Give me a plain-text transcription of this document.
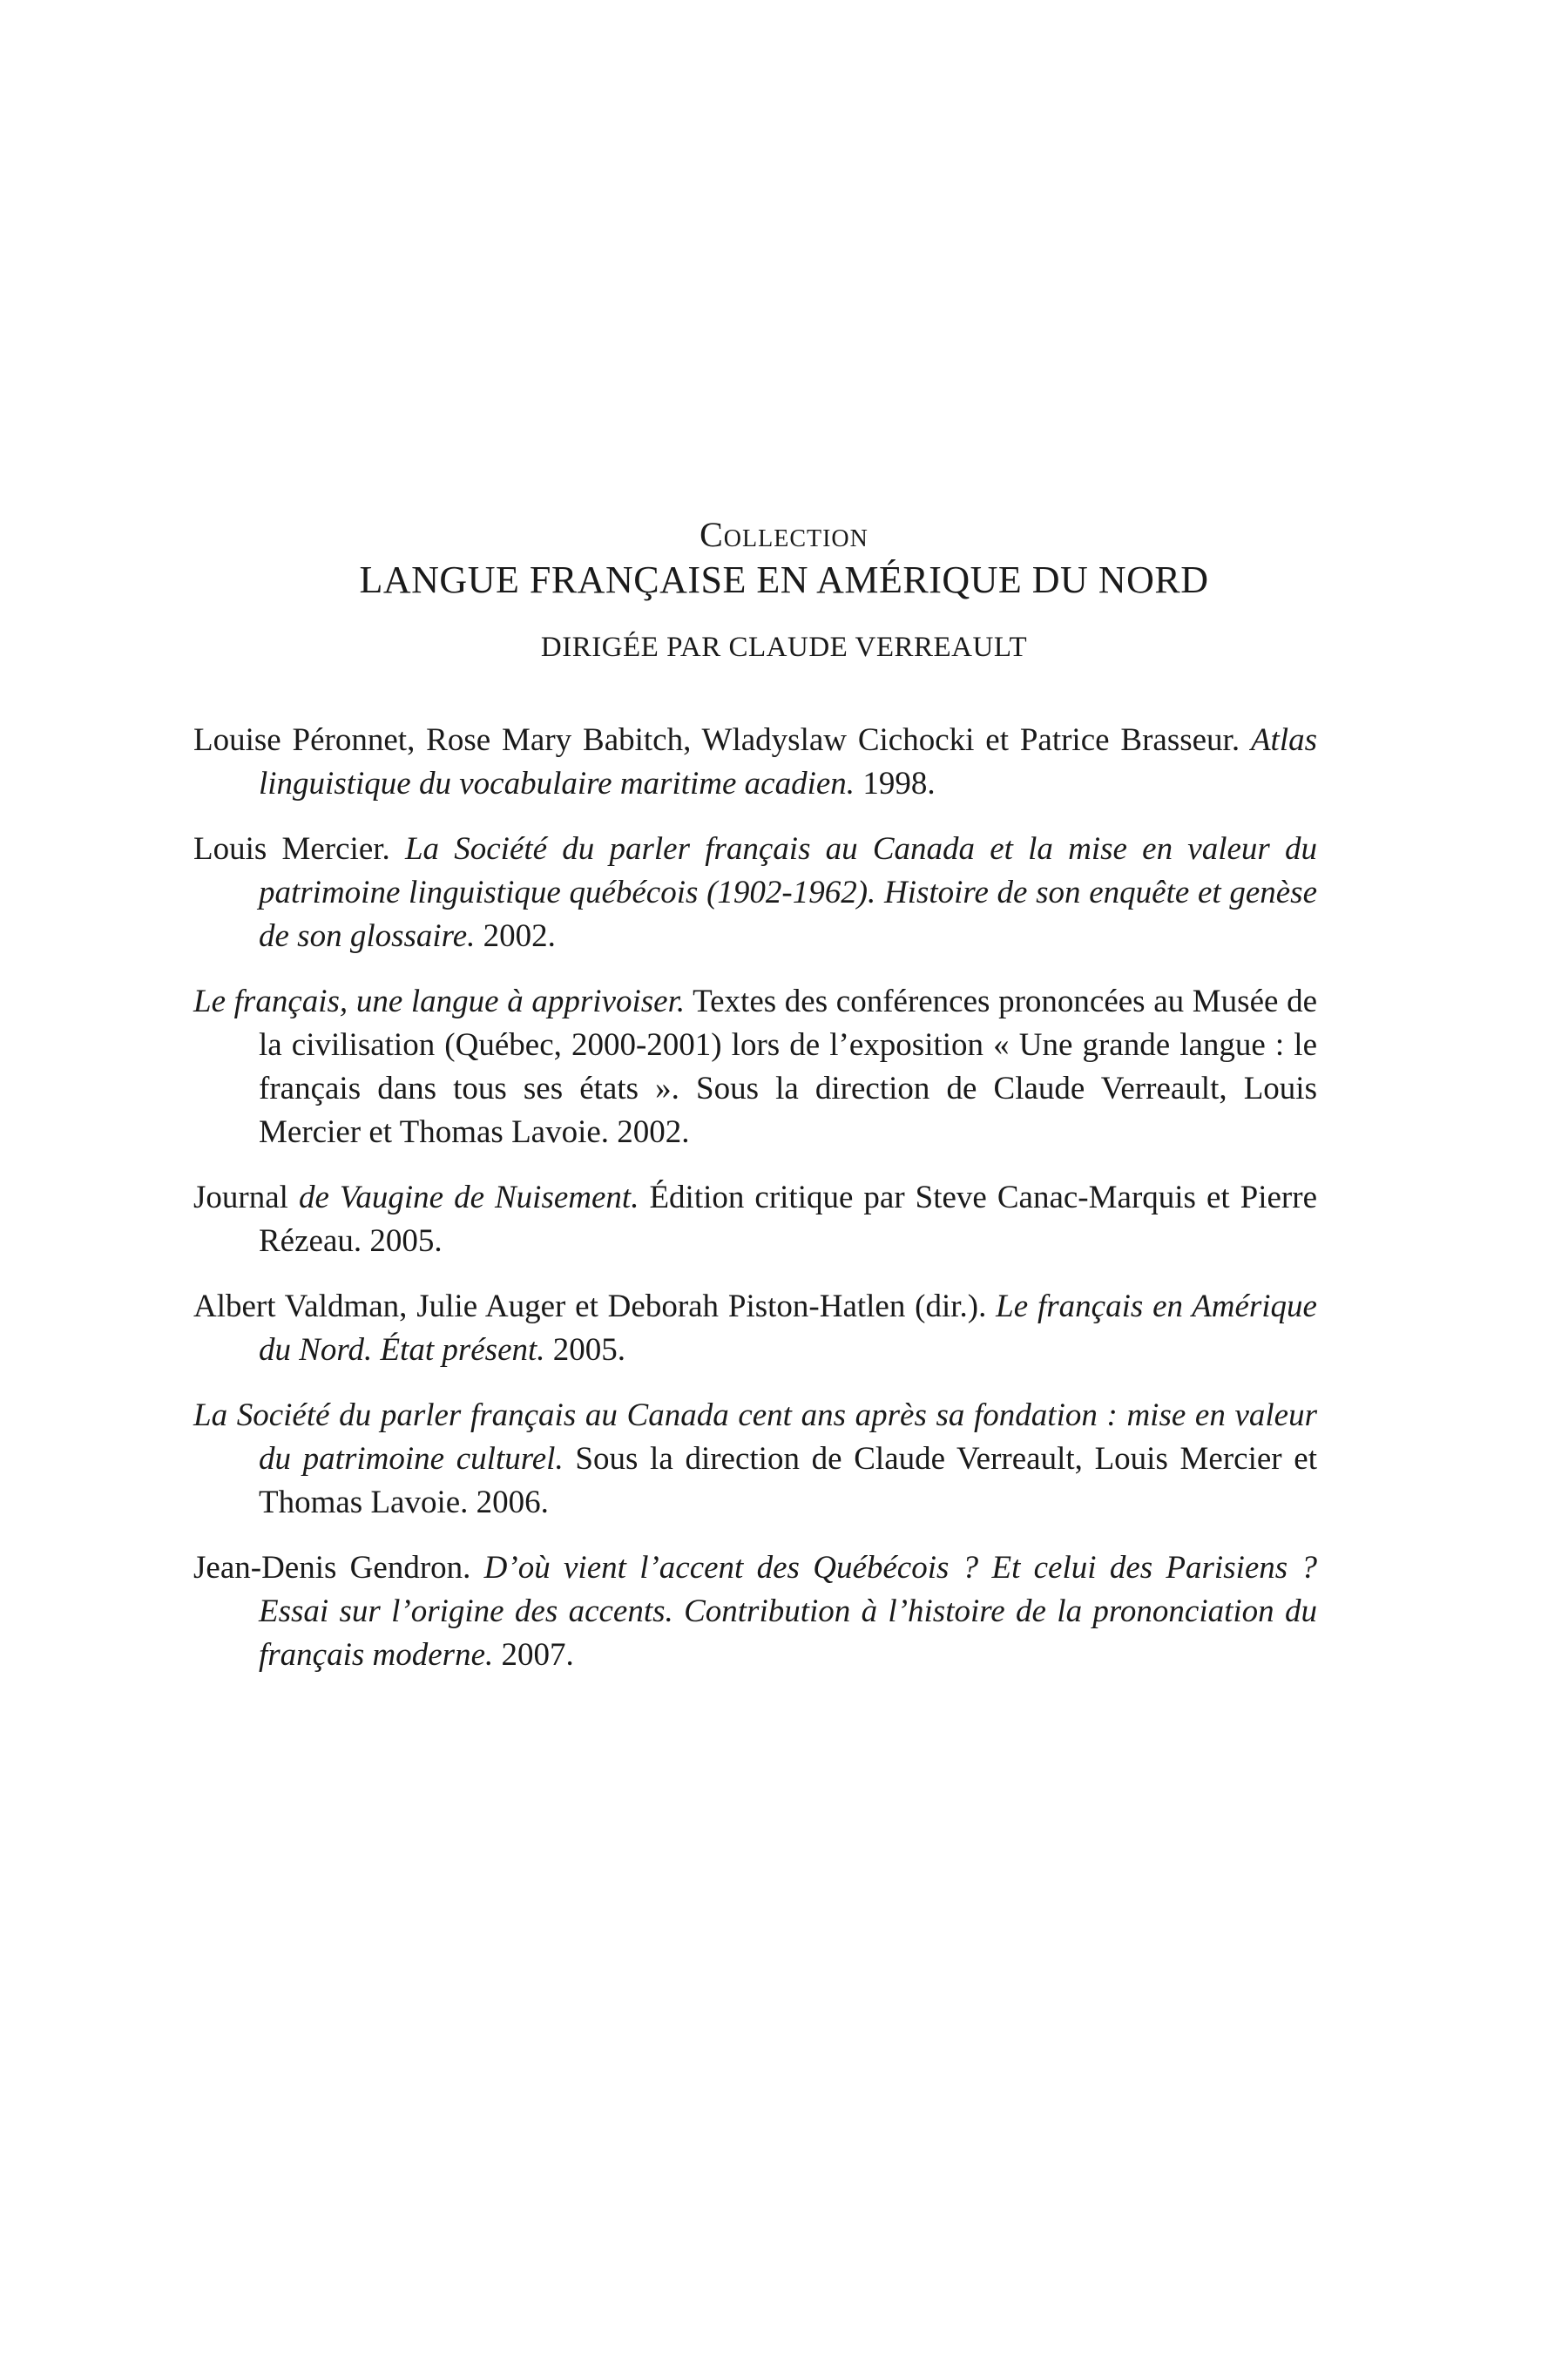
Collection
LANGUE FRANÇAISE EN AMÉRIQUE DU NORD
DIRIGÉE PAR CLAUDE VERREAULT
Louise Péronnet, Rose Mary Babitch, Wladyslaw Cichocki et Patrice Brasseur. Atlas linguistique du vocabulaire maritime acadien. 1998.
Louis Mercier. La Société du parler français au Canada et la mise en valeur du patrimoine linguistique québécois (1902-1962). Histoire de son enquête et genèse de son glossaire. 2002.
Le français, une langue à apprivoiser. Textes des conférences prononcées au Musée de la civilisation (Québec, 2000-2001) lors de l’exposition « Une grande langue : le français dans tous ses états ». Sous la direction de Claude Verreault, Louis Mercier et Thomas Lavoie. 2002.
Journal de Vaugine de Nuisement. Édition critique par Steve Canac-Marquis et Pierre Rézeau. 2005.
Albert Valdman, Julie Auger et Deborah Piston-Hatlen (dir.). Le français en Amérique du Nord. État présent. 2005.
La Société du parler français au Canada cent ans après sa fondation : mise en valeur du patrimoine culturel. Sous la direction de Claude Verreault, Louis Mercier et Thomas Lavoie. 2006.
Jean-Denis Gendron. D’où vient l’accent des Québécois ? Et celui des Parisiens ? Essai sur l’origine des accents. Contribution à l’histoire de la prononciation du français moderne. 2007.
